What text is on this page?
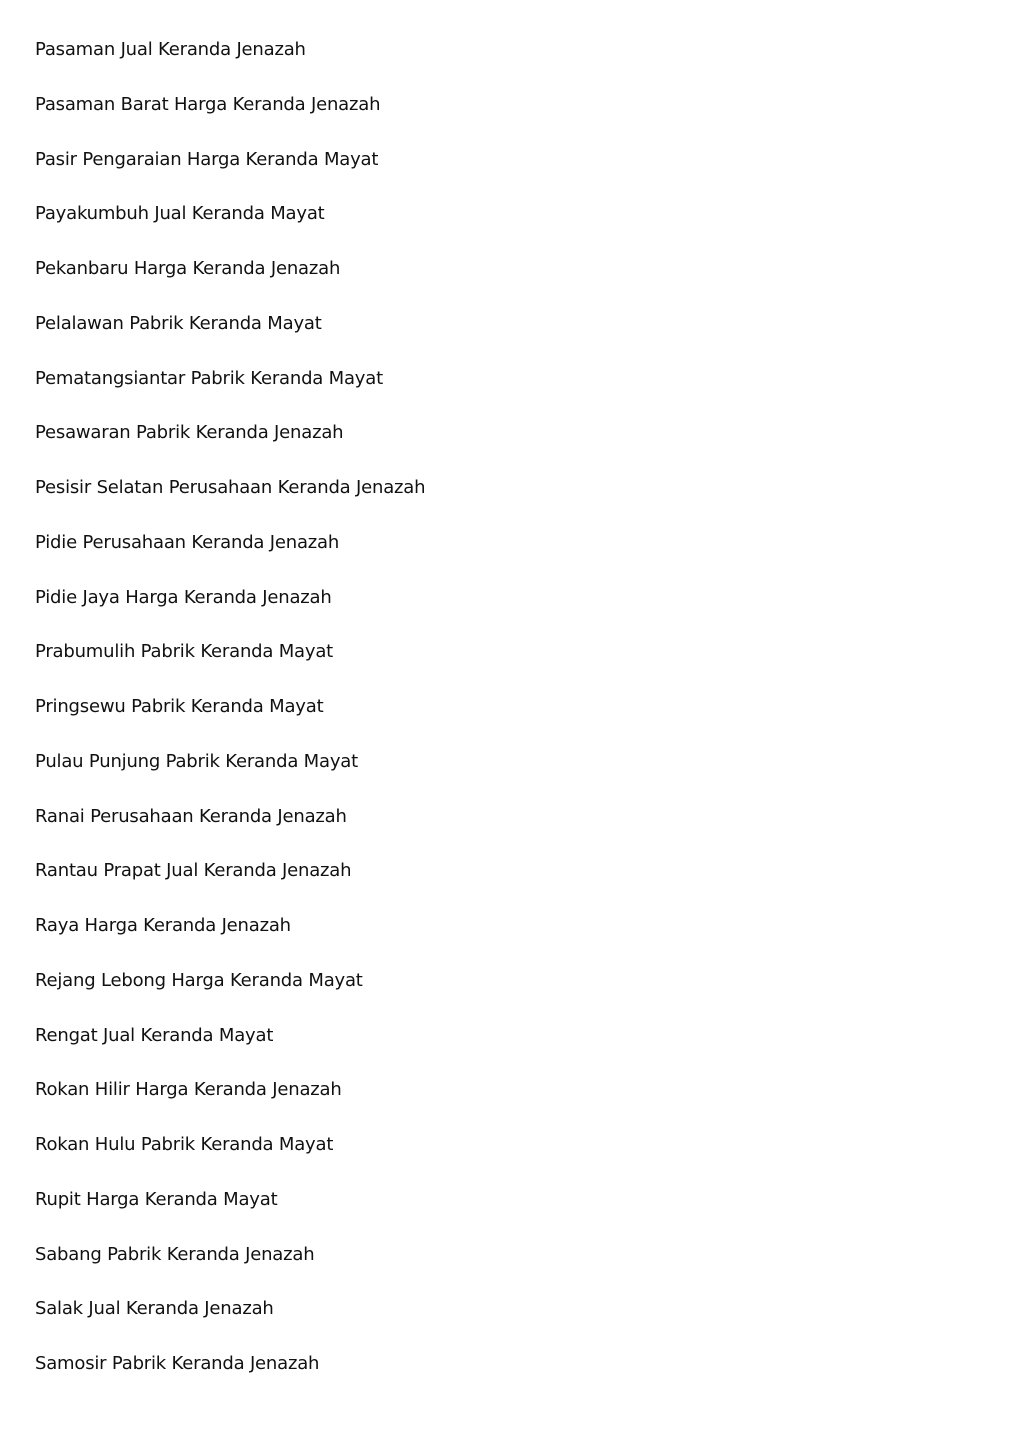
Pasaman Jual Keranda Jenazah
Pasaman Barat Harga Keranda Jenazah
Pasir Pengaraian Harga Keranda Mayat
Payakumbuh Jual Keranda Mayat
Pekanbaru Harga Keranda Jenazah
Pelalawan Pabrik Keranda Mayat
Pematangsiantar Pabrik Keranda Mayat
Pesawaran Pabrik Keranda Jenazah
Pesisir Selatan Perusahaan Keranda Jenazah
Pidie Perusahaan Keranda Jenazah
Pidie Jaya Harga Keranda Jenazah
Prabumulih Pabrik Keranda Mayat
Pringsewu Pabrik Keranda Mayat
Pulau Punjung Pabrik Keranda Mayat
Ranai Perusahaan Keranda Jenazah
Rantau Prapat Jual Keranda Jenazah
Raya Harga Keranda Jenazah
Rejang Lebong Harga Keranda Mayat
Rengat Jual Keranda Mayat
Rokan Hilir Harga Keranda Jenazah
Rokan Hulu Pabrik Keranda Mayat
Rupit Harga Keranda Mayat
Sabang Pabrik Keranda Jenazah
Salak Jual Keranda Jenazah
Samosir Pabrik Keranda Jenazah
